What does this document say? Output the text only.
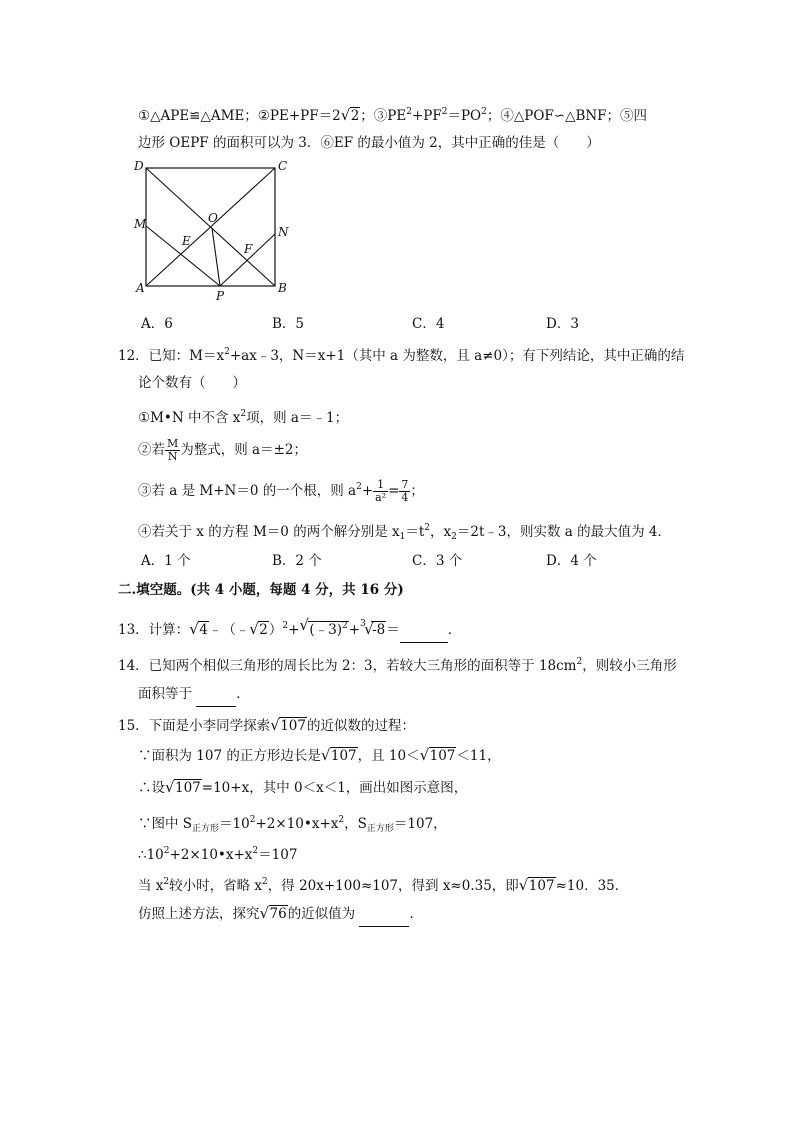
①△APE≌△AME；②PE+PF＝2 √ 2；$③PE^2+PF^2=PO^2$；④△POF∽△BNF；⑤四
边形 OEPF 的面积可以为 3．⑥EF 的最小值为 2，其中正确的佳是（　　）
D	C
M	O
N
E
F
A
P
B
A．6	B．5	C．4	D．3
12．已知：$M=x^2+ax﹣3$，N＝x+1（其中 a 为整数，且 a≠0）；有下列结论，其中正确的结
论个数有（　　）
①M•N 中不含 $x^2$项，则 a＝﹣1；
②若 $\frac{M}{N}$ 为整式，则 a＝±2；
③若 a 是 M+N＝0 的一个根，则 $a^2+ \frac{1}{\text{a²}} = \frac{7}{4}$ ；
④若关于 x 的方程 M＝0 的两个解分别是 $x_1=t^2$，$x_2=2t﹣3$，则实数 a 的最大值为 4．
A．1 个	B．2 个	C．3 个	D．4 个
二.填空题。(共 4 小题，每题 4 分，共 16 分)
13．计算： √ 4﹣（﹣ √ 2）$^2$+ √ (﹣3)$^2$+ 3
√
-8＝	．
14．已知两个相似三角形的周长比为 2：3，若较大三角形的面积等于 $18cm^2$，则较小三角形
面积等于	．
15．下面是小李同学探索 √ 107的近似数的过程：
∵面积为 107 的正方形边长是 √ 107，且 10＜ √ 107＜11，
∴设 √ 107=10+x，其中 0＜x＜1，画出如图示意图，
∵图中 $S_{正方形}=10^2+2\times 10•x+x^2$，$S_{正方形}=107$，
$\therefore 10^2+2\times 10•x+x^2=107$
当 $x^2$较小时，省略 $x^2$，得 20x+100≈107，得到 x≈0.35，即 √ 107≈10．35．
仿照上述方法，探究 √ 76的近似值为	．
